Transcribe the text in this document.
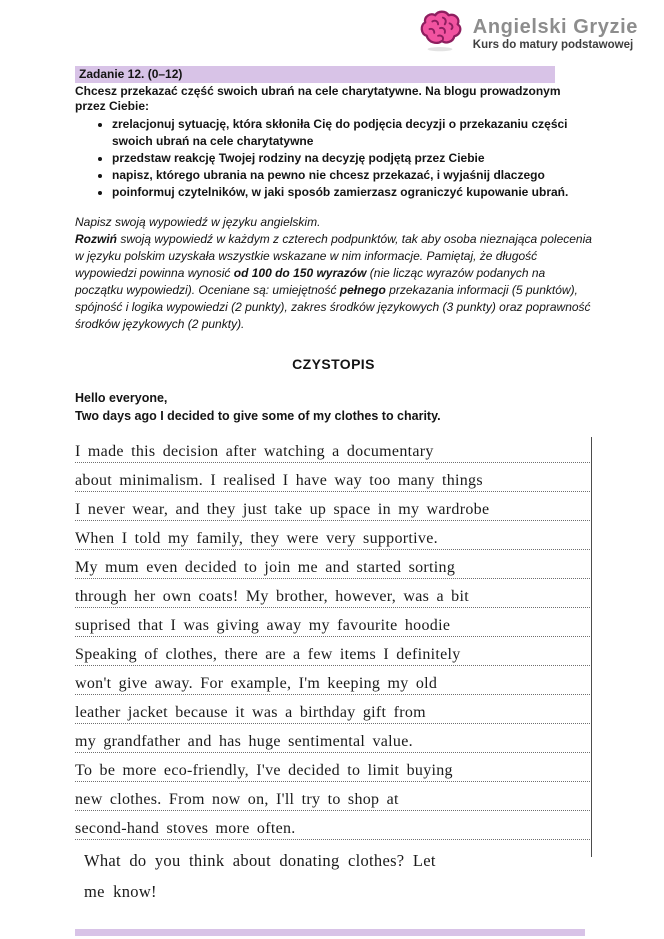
Angielski Gryzie
Kurs do matury podstawowej
Zadanie 12. (0–12)
Chcesz przekazać część swoich ubrań na cele charytatywne. Na blogu prowadzonym przez Ciebie:
• zrelacjonuj sytuację, która skłoniła Cię do podjęcia decyzji o przekazaniu części swoich ubrań na cele charytatywne
• przedstaw reakcję Twojej rodziny na decyzję podjętą przez Ciebie
• napisz, którego ubrania na pewno nie chcesz przekazać, i wyjaśnij dlaczego
• poinformuj czytelników, w jaki sposób zamierzasz ograniczyć kupowanie ubrań.
Napisz swoją wypowiedź w języku angielskim.
Rozwiń swoją wypowiedź w każdym z czterech podpunktów, tak aby osoba nieznająca polecenia w języku polskim uzyskała wszystkie wskazane w nim informacje. Pamiętaj, że długość wypowiedzi powinna wynosić od 100 do 150 wyrazów (nie licząc wyrazów podanych na początku wypowiedzi). Oceniane są: umiejętność pełnego przekazania informacji (5 punktów), spójność i logika wypowiedzi (2 punkty), zakres środków językowych (3 punkty) oraz poprawność środków językowych (2 punkty).
CZYSTOPIS
Hello everyone,
Two days ago I decided to give some of my clothes to charity.
I made this decision after watching a documentary
about minimalism. I realised I have way too many things
I never wear, and they just take up space in my wardrobe
When I told my family, they were very supportive.
My mum even decided to join me and started sorting
through her own coats! My brother, however, was a bit
suprised that I was giving away my favourite hoodie
Speaking of clothes, there are a few items I definitely
won't give away. For example, I'm keeping my old
leather jacket because it was a birthday gift from
my grandfather and has huge sentimental value.
To be more eco-friendly, I've decided to limit buying
new clothes. From now on, I'll try to shop at
second-hand stoves more often.
What do you think about donating clothes? Let
me know!
